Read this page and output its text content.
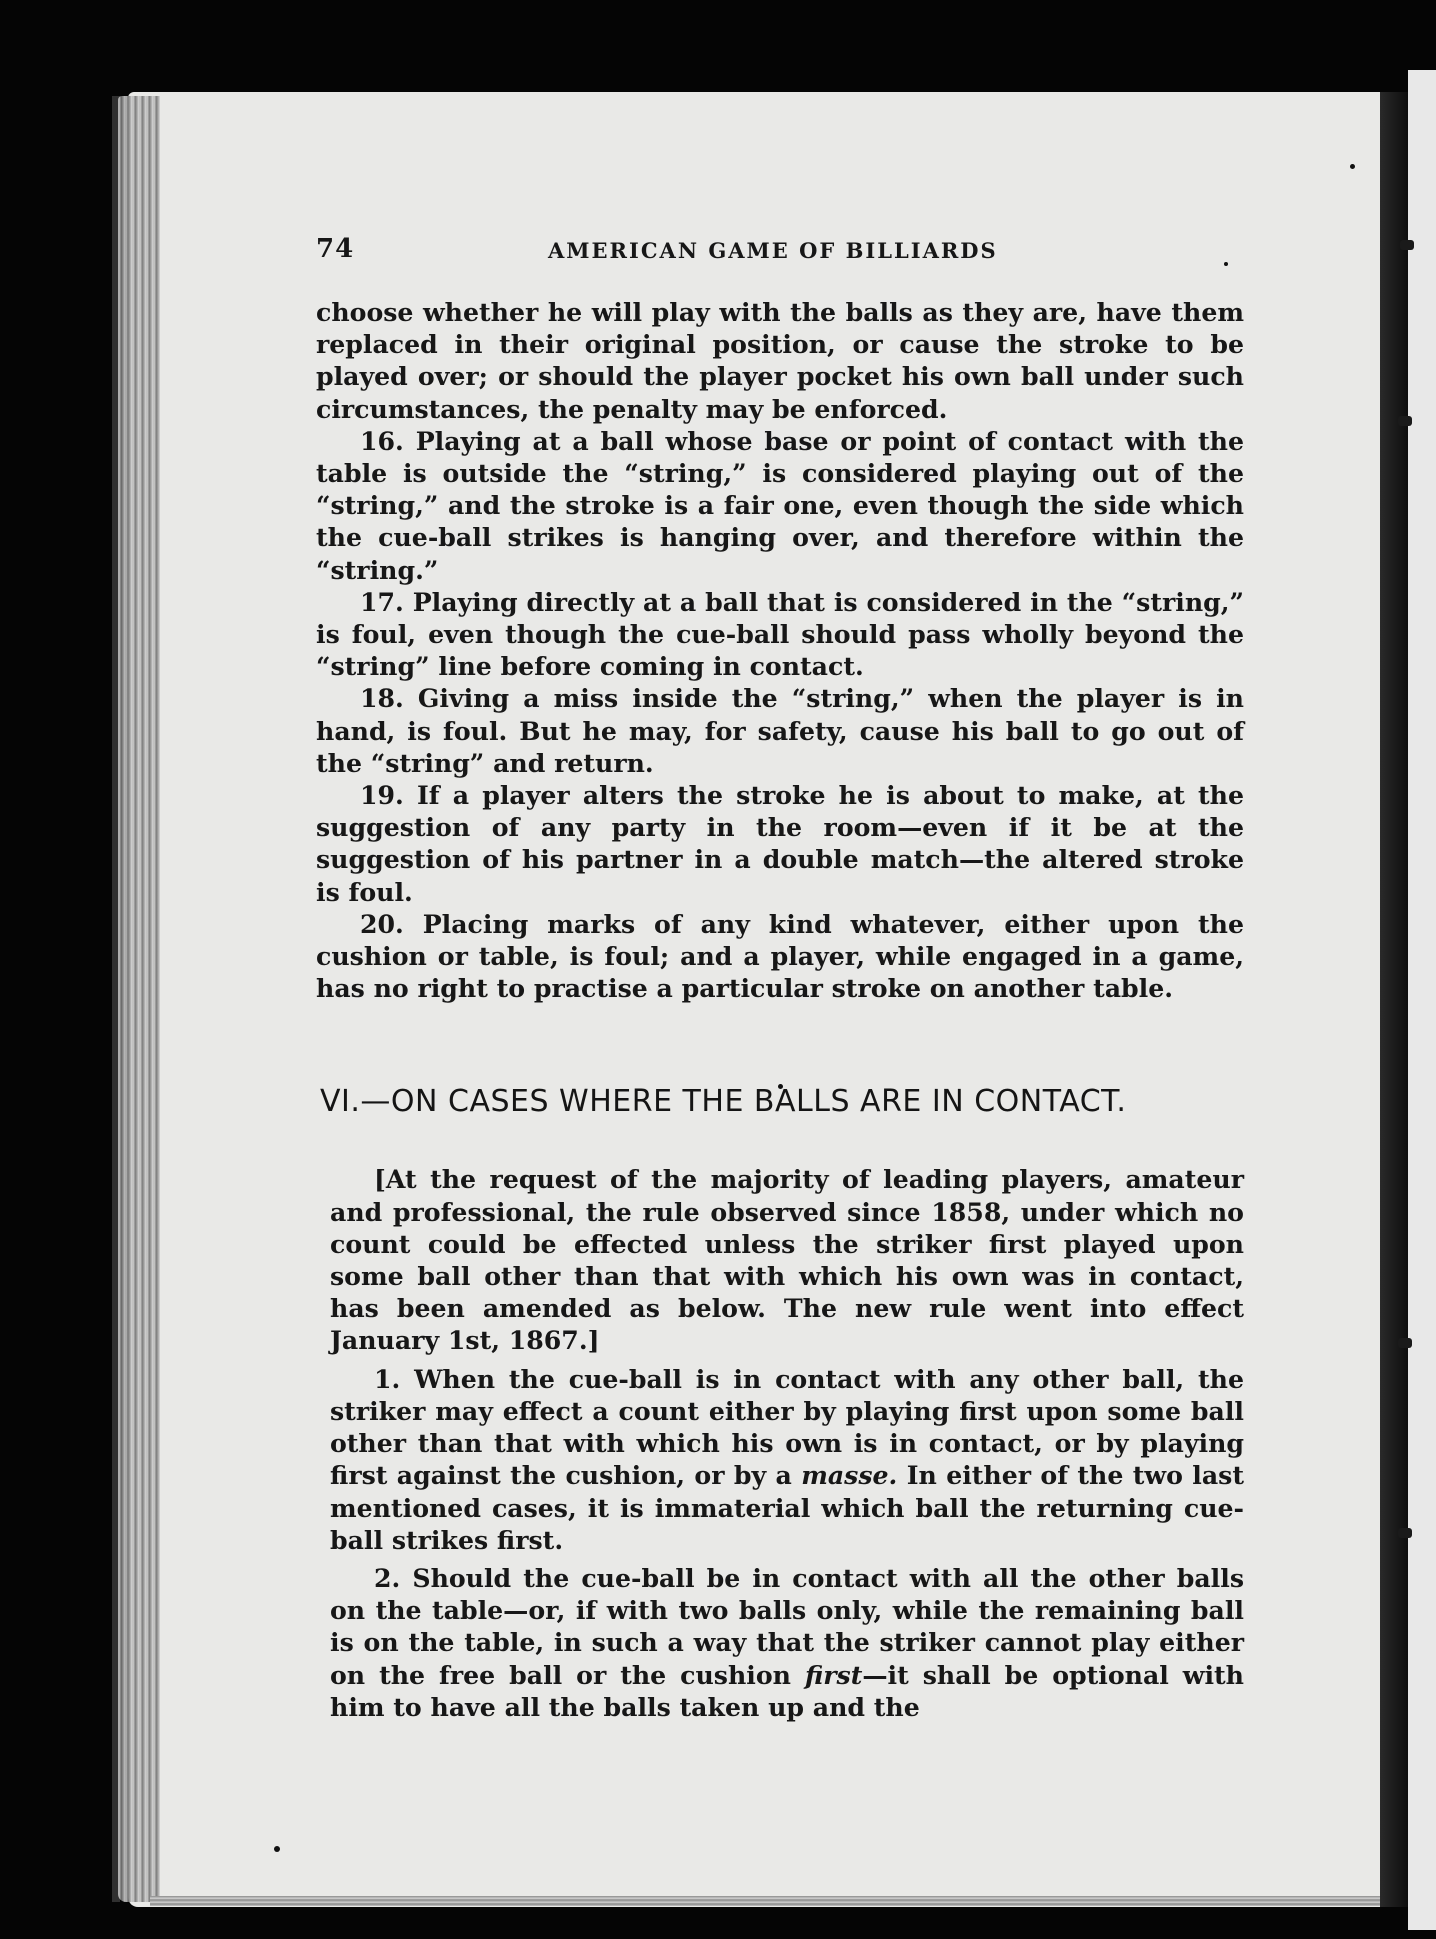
74	AMERICAN GAME OF BILLIARDS

choose whether he will play with the balls as they are, have them replaced in their original position, or cause the stroke to be played over; or should the player pocket his own ball under such circumstances, the penalty may be enforced.

16. Playing at a ball whose base or point of contact with the table is outside the “string,” is considered playing out of the “string,” and the stroke is a fair one, even though the side which the cue-ball strikes is hanging over, and therefore within the “string.”

17. Playing directly at a ball that is considered in the “string,” is foul, even though the cue-ball should pass wholly beyond the “string” line before coming in contact.

18. Giving a miss inside the “string,” when the player is in hand, is foul. But he may, for safety, cause his ball to go out of the “string” and return.

19. If a player alters the stroke he is about to make, at the suggestion of any party in the room—even if it be at the suggestion of his partner in a double match—the altered stroke is foul.

20. Placing marks of any kind whatever, either upon the cushion or table, is foul; and a player, while engaged in a game, has no right to practise a particular stroke on another table.

VI.—ON CASES WHERE THE BALLS ARE IN CONTACT.

[At the request of the majority of leading players, amateur and professional, the rule observed since 1858, under which no count could be effected unless the striker first played upon some ball other than that with which his own was in contact, has been amended as below. The new rule went into effect January 1st, 1867.]

1. When the cue-ball is in contact with any other ball, the striker may effect a count either by playing first upon some ball other than that with which his own is in contact, or by playing first against the cushion, or by a masse. In either of the two last mentioned cases, it is immaterial which ball the returning cue-ball strikes first.

2. Should the cue-ball be in contact with all the other balls on the table—or, if with two balls only, while the remaining ball is on the table, in such a way that the striker cannot play either on the free ball or the cushion first—it shall be optional with him to have all the balls taken up and the
